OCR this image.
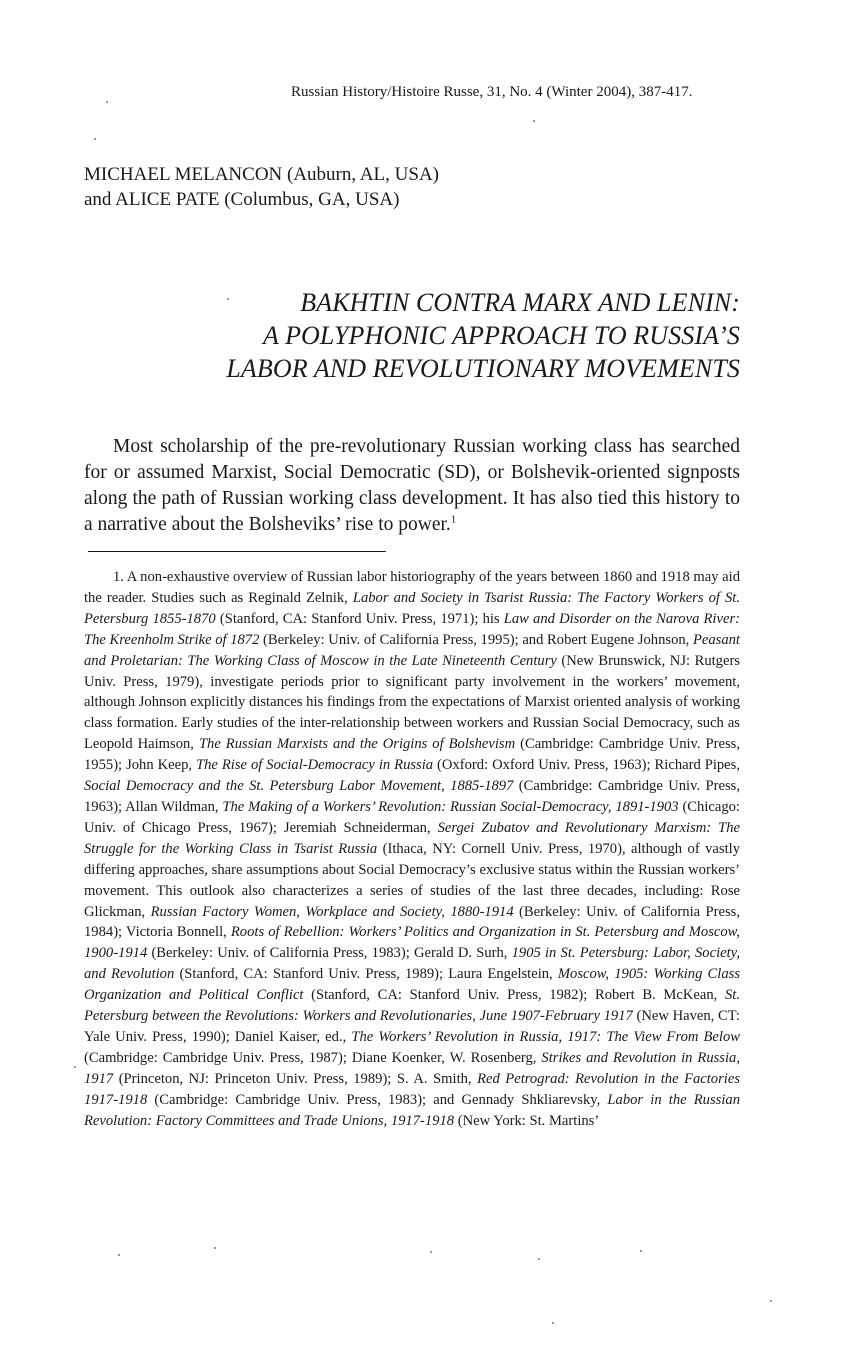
Russian History/Histoire Russe, 31, No. 4 (Winter 2004), 387-417.
MICHAEL MELANCON (Auburn, AL, USA)
and ALICE PATE (Columbus, GA, USA)
BAKHTIN CONTRA MARX AND LENIN:
A POLYPHONIC APPROACH TO RUSSIA’S
LABOR AND REVOLUTIONARY MOVEMENTS

Most scholarship of the pre-revolutionary Russian working class has searched for or assumed Marxist, Social Democratic (SD), or Bolshevik-oriented signposts along the path of Russian working class development. It has also tied this history to a narrative about the Bolsheviks’ rise to power.$^1$

1. A non-exhaustive overview of Russian labor historiography of the years between 1860 and 1918 may aid the reader. Studies such as Reginald Zelnik, Labor and Society in Tsarist Russia: The Factory Workers of St. Petersburg 1855-1870 (Stanford, CA: Stanford Univ. Press, 1971); his Law and Disorder on the Narova River: The Kreenholm Strike of 1872 (Berkeley: Univ. of California Press, 1995); and Robert Eugene Johnson, Peasant and Proletarian: The Working Class of Moscow in the Late Nineteenth Century (New Brunswick, NJ: Rutgers Univ. Press, 1979), investigate periods prior to significant party involvement in the workers’ movement, although Johnson explicitly distances his findings from the expectations of Marxist oriented analysis of working class formation. Early studies of the inter-relationship between workers and Russian Social Democracy, such as Leopold Haimson, The Russian Marxists and the Origins of Bolshevism (Cambridge: Cambridge Univ. Press, 1955); John Keep, The Rise of Social-Democracy in Russia (Oxford: Oxford Univ. Press, 1963); Richard Pipes, Social Democracy and the St. Petersburg Labor Movement, 1885-1897 (Cambridge: Cambridge Univ. Press, 1963); Allan Wildman, The Making of a Workers’ Revolution: Russian Social-Democracy, 1891-1903 (Chicago: Univ. of Chicago Press, 1967); Jeremiah Schneiderman, Sergei Zubatov and Revolutionary Marxism: The Struggle for the Working Class in Tsarist Russia (Ithaca, NY: Cornell Univ. Press, 1970), although of vastly differing approaches, share assumptions about Social Democracy’s exclusive status within the Russian workers’ movement. This outlook also characterizes a series of studies of the last three decades, including: Rose Glickman, Russian Factory Women, Workplace and Society, 1880-1914 (Berkeley: Univ. of California Press, 1984); Victoria Bonnell, Roots of Rebellion: Workers’ Politics and Organization in St. Petersburg and Moscow, 1900-1914 (Berkeley: Univ. of California Press, 1983); Gerald D. Surh, 1905 in St. Petersburg: Labor, Society, and Revolution (Stanford, CA: Stanford Univ. Press, 1989); Laura Engelstein, Moscow, 1905: Working Class Organization and Political Conflict (Stanford, CA: Stanford Univ. Press, 1982); Robert B. McKean, St. Petersburg between the Revolutions: Workers and Revolutionaries, June 1907-February 1917 (New Haven, CT: Yale Univ. Press, 1990); Daniel Kaiser, ed., The Workers’ Revolution in Russia, 1917: The View From Below (Cambridge: Cambridge Univ. Press, 1987); Diane Koenker, W. Rosenberg, Strikes and Revolution in Russia, 1917 (Princeton, NJ: Princeton Univ. Press, 1989); S. A. Smith, Red Petrograd: Revolution in the Factories 1917-1918 (Cambridge: Cambridge Univ. Press, 1983); and Gennady Shkliarevsky, Labor in the Russian Revolution: Factory Committees and Trade Unions, 1917-1918 (New York: St. Martins’
